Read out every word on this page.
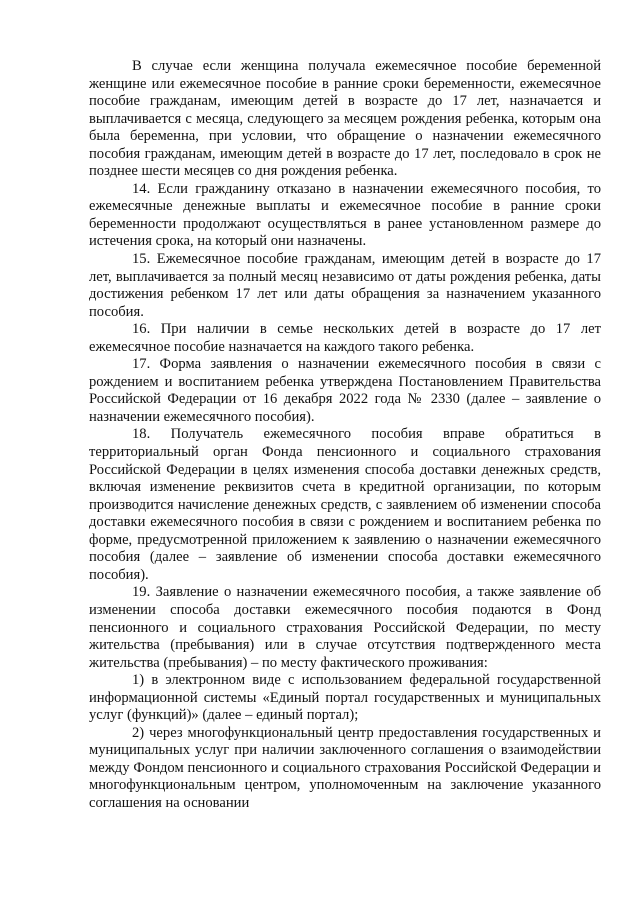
В случае если женщина получала ежемесячное пособие беременной женщине или ежемесячное пособие в ранние сроки беременности, ежемесячное пособие гражданам, имеющим детей в возрасте до 17 лет, назначается и выплачивается с месяца, следующего за месяцем рождения ребенка, которым она была беременна, при условии, что обращение о назначении ежемесячного пособия гражданам, имеющим детей в возрасте до 17 лет, последовало в срок не позднее шести месяцев со дня рождения ребенка.

14. Если гражданину отказано в назначении ежемесячного пособия, то ежемесячные денежные выплаты и ежемесячное пособие в ранние сроки беременности продолжают осуществляться в ранее установленном размере до истечения срока, на который они назначены.

15. Ежемесячное пособие гражданам, имеющим детей в возрасте до 17 лет, выплачивается за полный месяц независимо от даты рождения ребенка, даты достижения ребенком 17 лет или даты обращения за назначением указанного пособия.

16. При наличии в семье нескольких детей в возрасте до 17 лет ежемесячное пособие назначается на каждого такого ребенка.

17. Форма заявления о назначении ежемесячного пособия в связи с рождением и воспитанием ребенка утверждена Постановлением Правительства Российской Федерации от 16 декабря 2022 года № 2330 (далее – заявление о назначении ежемесячного пособия).

18. Получатель ежемесячного пособия вправе обратиться в территориальный орган Фонда пенсионного и социального страхования Российской Федерации в целях изменения способа доставки денежных средств, включая изменение реквизитов счета в кредитной организации, по которым производится начисление денежных средств, с заявлением об изменении способа доставки ежемесячного пособия в связи с рождением и воспитанием ребенка по форме, предусмотренной приложением к заявлению о назначении ежемесячного пособия (далее – заявление об изменении способа доставки ежемесячного пособия).

19. Заявление о назначении ежемесячного пособия, а также заявление об изменении способа доставки ежемесячного пособия подаются в Фонд пенсионного и социального страхования Российской Федерации, по месту жительства (пребывания) или в случае отсутствия подтвержденного места жительства (пребывания) – по месту фактического проживания:

1) в электронном виде с использованием федеральной государственной информационной системы «Единый портал государственных и муниципальных услуг (функций)» (далее – единый портал);

2) через многофункциональный центр предоставления государственных и муниципальных услуг при наличии заключенного соглашения о взаимодействии между Фондом пенсионного и социального страхования Российской Федерации и многофункциональным центром, уполномоченным на заключение указанного соглашения на основании
